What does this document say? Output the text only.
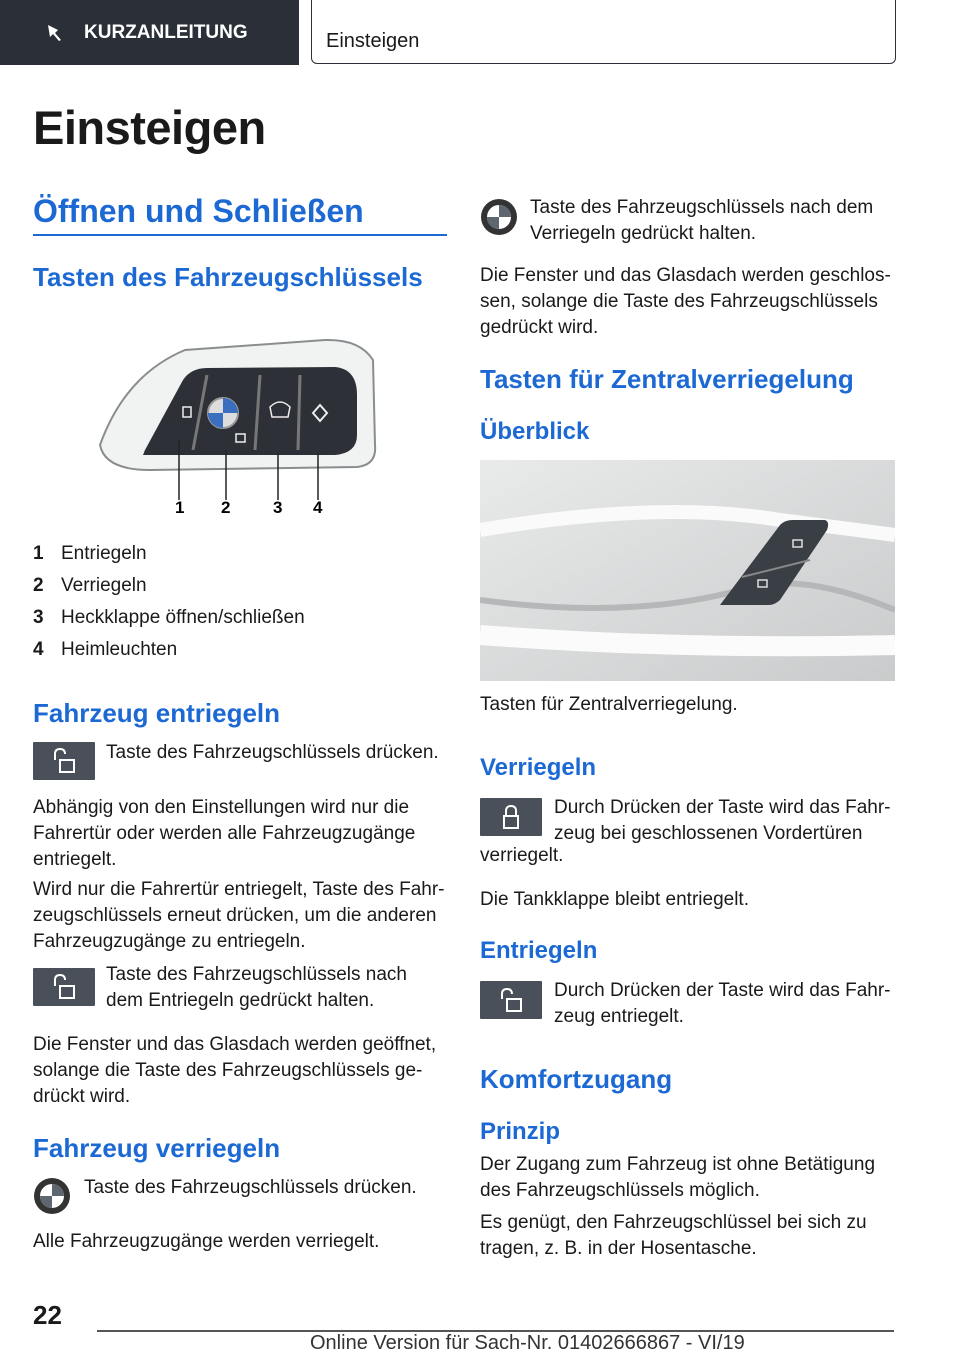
KURZANLEITUNG	Einsteigen
Einsteigen
Öffnen und Schließen
Tasten des Fahrzeugschlüssels
1 2	3 4
1 Entriegeln
2 Verriegeln
3 Heckklappe öffnen/schließen
4 Heimleuchten
Fahrzeug entriegeln
Taste des Fahrzeugschlüssels drücken.
Abhängig von den Einstellungen wird nur die
Fahrertür oder werden alle Fahrzeugzugänge
entriegelt.
Wird nur die Fahrertür entriegelt, Taste des Fahr-
zeugschlüssels erneut drücken, um die anderen
Fahrzeugzugänge zu entriegeln.
Taste des Fahrzeugschlüssels nach
dem Entriegeln gedrückt halten.
Die Fenster und das Glasdach werden geöffnet,
solange die Taste des Fahrzeugschlüssels ge-
drückt wird.
Fahrzeug verriegeln
Taste des Fahrzeugschlüssels drücken.
Alle Fahrzeugzugänge werden verriegelt.
Taste des Fahrzeugschlüssels nach dem
Verriegeln gedrückt halten.
Die Fenster und das Glasdach werden geschlos-
sen, solange die Taste des Fahrzeugschlüssels
gedrückt wird.
Tasten für Zentralverriegelung
Überblick
Tasten für Zentralverriegelung.
Verriegeln
Durch Drücken der Taste wird das Fahr-
zeug bei geschlossenen Vordertüren
verriegelt.
Die Tankklappe bleibt entriegelt.
Entriegeln
Durch Drücken der Taste wird das Fahr-
zeug entriegelt.
Komfortzugang
Prinzip
Der Zugang zum Fahrzeug ist ohne Betätigung
des Fahrzeugschlüssels möglich.
Es genügt, den Fahrzeugschlüssel bei sich zu
tragen, z. B. in der Hosentasche.
22
Online Version für Sach-Nr. 01402666867 - VI/19
